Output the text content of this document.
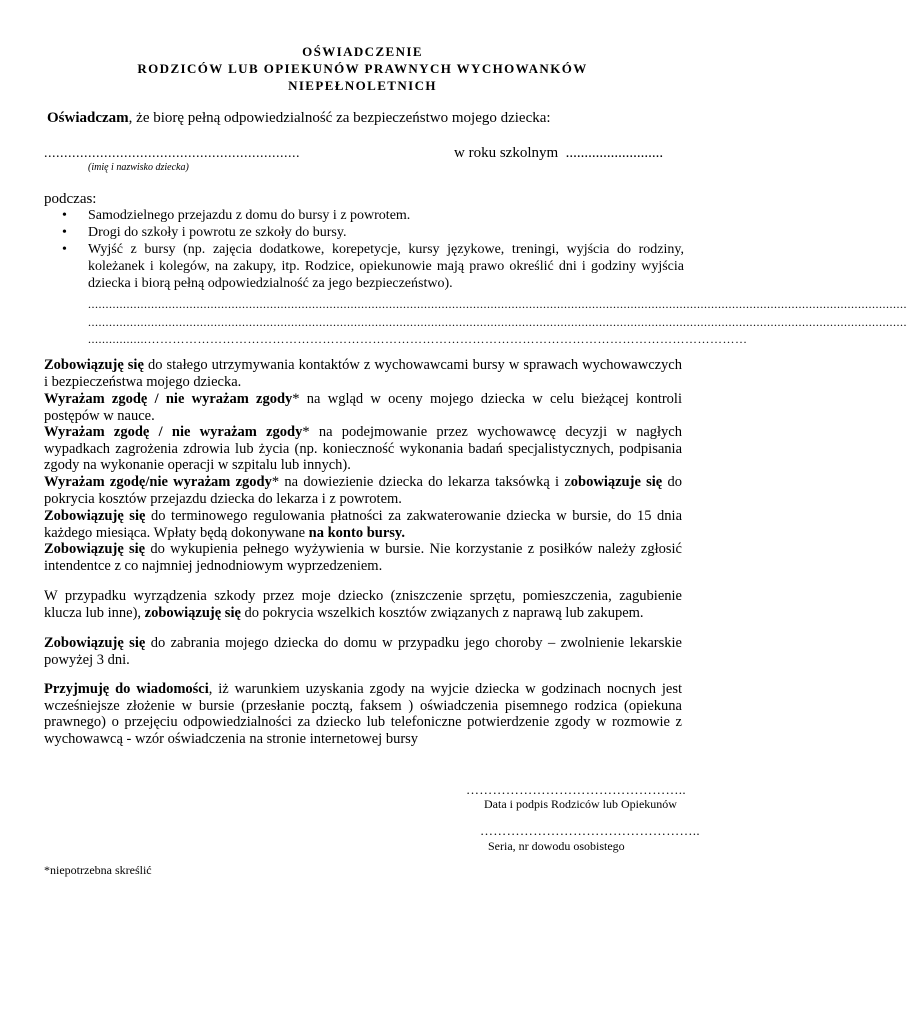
OŚWIADCZENIE
RODZICÓW LUB OPIEKUNÓW PRAWNYCH WYCHOWANKÓW
NIEPEŁNOLETNICH
Oświadczam, że biorę pełną odpowiedzialność za bezpieczeństwo mojego dziecka:
................................................................	w roku szkolnym ..........................
(imię i nazwisko dziecka)
podczas:
• Samodzielnego przejazdu z domu do bursy i z powrotem.
• Drogi do szkoły i powrotu ze szkoły do bursy.
• Wyjść z bursy (np. zajęcia dodatkowe, korepetycje, kursy językowe, treningi, wyjścia do rodziny, koleżanek i kolegów, na zakupy, itp. Rodzice, opiekunowie mają prawo określić dni i godziny wyjścia dziecka i biorą pełną odpowiedzialność za jego bezpieczeństwo).
..........................................................................................................................................................................................................................................
..........................................................................................................................................................................................................................................
.................………………………………………………………………………………………………………………………………
Zobowiązuję się do stałego utrzymywania kontaktów z wychowawcami bursy w sprawach wychowawczych i bezpieczeństwa mojego dziecka.
Wyrażam zgodę / nie wyrażam zgody* na wgląd w oceny mojego dziecka w celu bieżącej kontroli postępów w nauce.
Wyrażam zgodę / nie wyrażam zgody* na podejmowanie przez wychowawcę decyzji w nagłych wypadkach zagrożenia zdrowia lub życia (np. konieczność wykonania badań specjalistycznych, podpisania zgody na wykonanie operacji w szpitalu lub innych).
Wyrażam zgodę/nie wyrażam zgody* na dowiezienie dziecka do lekarza taksówką i zobowiązuje się do pokrycia kosztów przejazdu dziecka do lekarza i z powrotem.
Zobowiązuję się do terminowego regulowania płatności za zakwaterowanie dziecka w bursie, do 15 dnia każdego miesiąca. Wpłaty będą dokonywane na konto bursy.
Zobowiązuję się do wykupienia pełnego wyżywienia w bursie. Nie korzystanie z posiłków należy zgłosić intendentce z co najmniej jednodniowym wyprzedzeniem.
W przypadku wyrządzenia szkody przez moje dziecko (zniszczenie sprzętu, pomieszczenia, zagubienie klucza lub inne), zobowiązuję się do pokrycia wszelkich kosztów związanych z naprawą lub zakupem.
Zobowiązuję się do zabrania mojego dziecka do domu w przypadku jego choroby – zwolnienie lekarskie powyżej 3 dni.
Przyjmuję do wiadomości, iż warunkiem uzyskania zgody na wyjcie dziecka w godzinach nocnych jest wcześniejsze złożenie w bursie (przesłanie pocztą, faksem ) oświadczenia pisemnego rodzica (opiekuna prawnego) o przejęciu odpowiedzialności za dziecko lub telefoniczne potwierdzenie zgody w rozmowie z wychowawcą - wzór oświadczenia na stronie internetowej bursy
…………………………………………..
Data i podpis Rodziców lub Opiekunów
…………………………………………..
Seria, nr dowodu osobistego
*niepotrzebna skreślić
